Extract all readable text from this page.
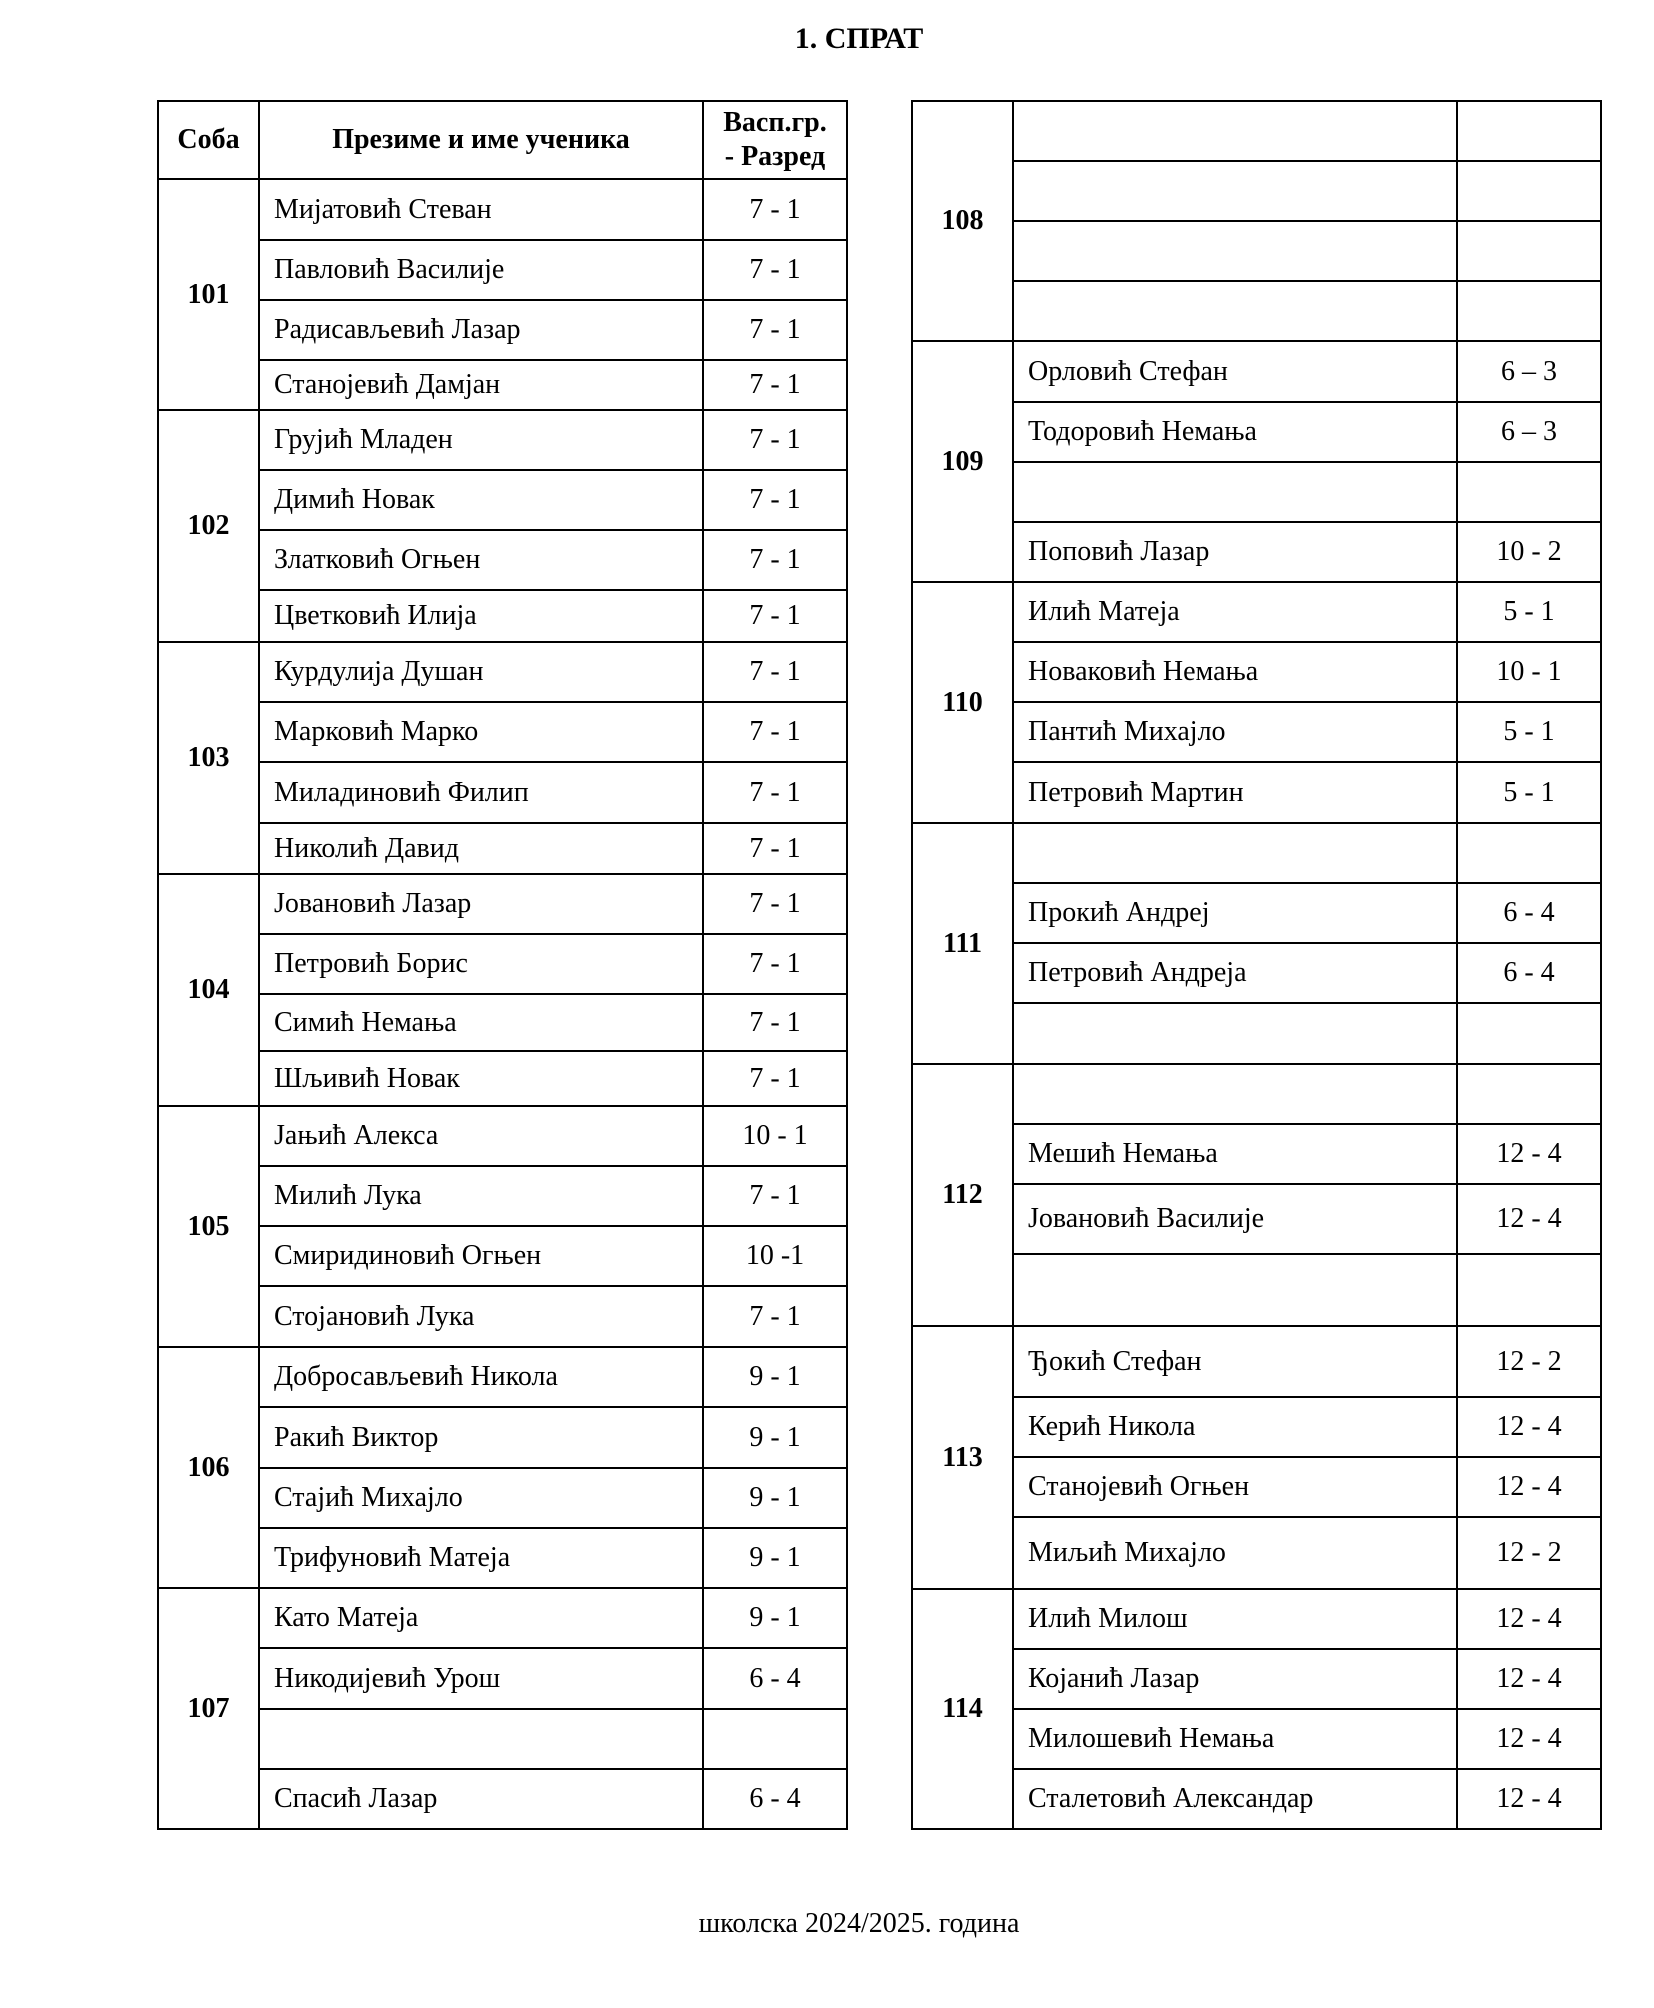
1. СПРАТ
Соба	Презиме и име ученика	Васп.гр.
- Разред
101	Мијатовић Стеван	7 - 1
	Павловић Василије	7 - 1
	Радисављевић Лазар	7 - 1
	Станојевић Дамјан	7 - 1
102	Грујић Младен	7 - 1
	Димић Новак	7 - 1
	Златковић Огњен	7 - 1
	Цветковић Илија	7 - 1
103	Курдулија Душан	7 - 1
	Марковић Марко	7 - 1
	Миладиновић Филип	7 - 1
	Николић Давид	7 - 1
104	Јовановић Лазар	7 - 1
	Петровић Борис	7 - 1
	Симић Немања	7 - 1
	Шљивић Новак	7 - 1
105	Јањић Алекса	10 - 1
	Милић Лука	7 - 1
	Смиридиновић Огњен	10 -1
	Стојановић Лука	7 - 1
106	Добросављевић Никола	9 - 1
	Ракић Виктор	9 - 1
	Стајић Михајло	9 - 1
	Трифуновић Матеја	9 - 1
107	Като Матеја	9 - 1
	Никодијевић Урош	6 - 4

	Спасић Лазар	6 - 4
108		

109	Орловић Стефан	6 – 3
	Тодоровић Немања	6 – 3

	Поповић Лазар	10 - 2
110	Илић Матеја	5 - 1
	Новаковић Немања	10 - 1
	Пантић Михајло	5 - 1
	Петровић Мартин	5 - 1
111		
	Прокић Андреј	6 - 4
	Петровић Андреја	6 - 4

112		
	Мешић Немања	12 - 4
	Јовановић Василије	12 - 4

113	Ђокић Стефан	12 - 2
	Керић Никола	12 - 4
	Станојевић Огњен	12 - 4
	Миљић Михајло	12 - 2
114	Илић Милош	12 - 4
	Којанић Лазар	12 - 4
	Милошевић Немања	12 - 4
	Сталетовић Александар	12 - 4
школска 2024/2025. година
